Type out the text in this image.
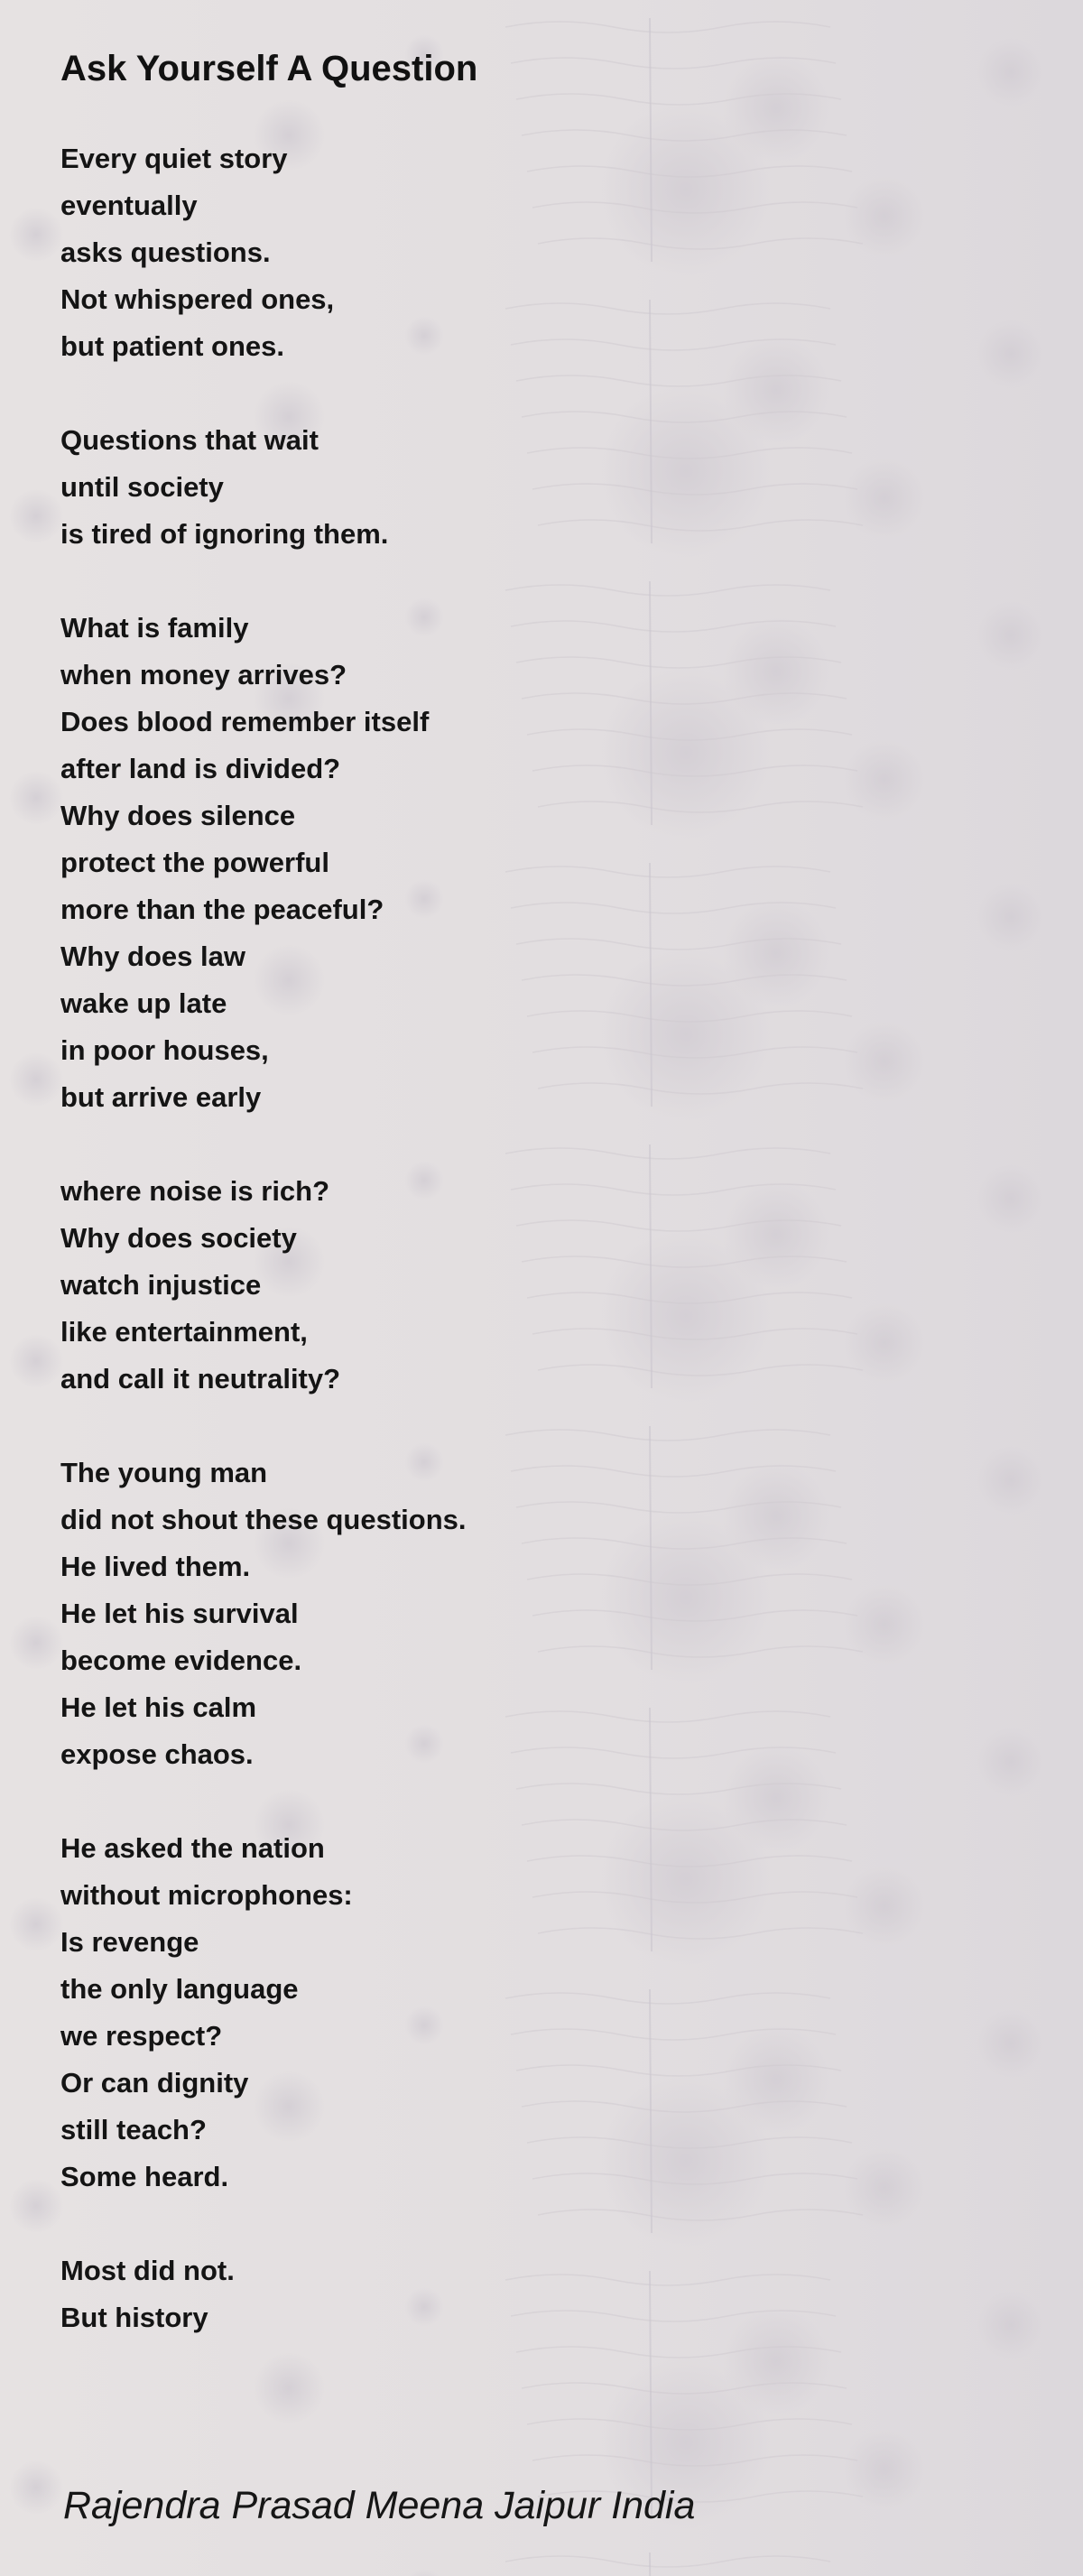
Ask Yourself A Question
Every quiet story
eventually
asks questions.
Not whispered ones,
but patient ones.
Questions that wait
until society
is tired of ignoring them.
What is family
when money arrives?
Does blood remember itself
after land is divided?
Why does silence
protect the powerful
more than the peaceful?
Why does law
wake up late
in poor houses,
but arrive early
where noise is rich?
Why does society
watch injustice
like entertainment,
and call it neutrality?
The young man
did not shout these questions.
He lived them.
He let his survival
become evidence.
He let his calm
expose chaos.
He asked the nation
without microphones:
Is revenge
the only language
we respect?
Or can dignity
still teach?
Some heard.
Most did not.
But history

Rajendra Prasad Meena Jaipur India
